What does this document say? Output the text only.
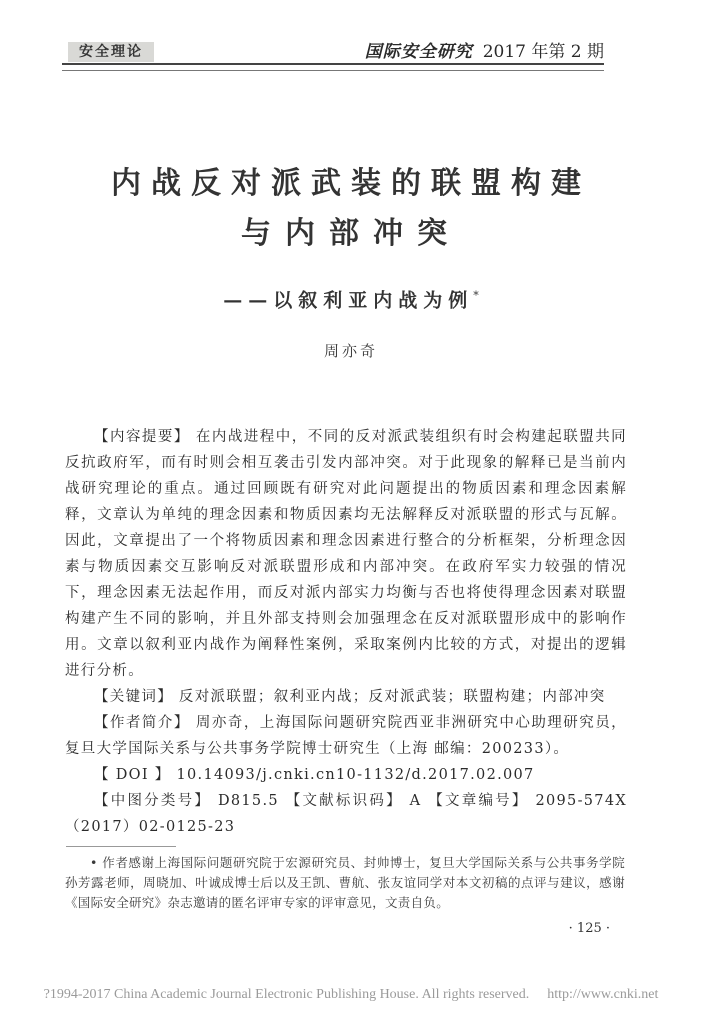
安全理论	国际安全研究 2017 年第 2 期
内战反对派武装的联盟构建
与内部冲突
——以叙利亚内战为例*
周亦奇

【内容提要】 在内战进程中，不同的反对派武装组织有时会构建起联盟共同反抗政府军，而有时则会相互袭击引发内部冲突。对于此现象的解释已是当前内战研究理论的重点。通过回顾既有研究对此问题提出的物质因素和理念因素解释，文章认为单纯的理念因素和物质因素均无法解释反对派联盟的形式与瓦解。因此，文章提出了一个将物质因素和理念因素进行整合的分析框架，分析理念因素与物质因素交互影响反对派联盟形成和内部冲突。在政府军实力较强的情况下，理念因素无法起作用，而反对派内部实力均衡与否也将使得理念因素对联盟构建产生不同的影响，并且外部支持则会加强理念在反对派联盟形成中的影响作用。文章以叙利亚内战作为阐释性案例，采取案例内比较的方式，对提出的逻辑进行分析。

【关键词】 反对派联盟；叙利亚内战；反对派武装；联盟构建；内部冲突

【作者简介】 周亦奇，上海国际问题研究院西亚非洲研究中心助理研究员，复旦大学国际关系与公共事务学院博士研究生（上海 邮编：200233）。

【 DOI 】 10.14093/j.cnki.cn10-1132/d.2017.02.007

【中图分类号】 D815.5 【文献标识码】 A 【文章编号】 2095-574X（2017）02-0125-23

• 作者感谢上海国际问题研究院于宏源研究员、封帅博士，复旦大学国际关系与公共事务学院孙芳露老师，周晓加、叶诚成博士后以及王凯、曹航、张友谊同学对本文初稿的点评与建议，感谢《国际安全研究》杂志邀请的匿名评审专家的评审意见，文责自负。
· 125 ·
?1994-2017 China Academic Journal Electronic Publishing House. All rights reserved. http://www.cnki.net
